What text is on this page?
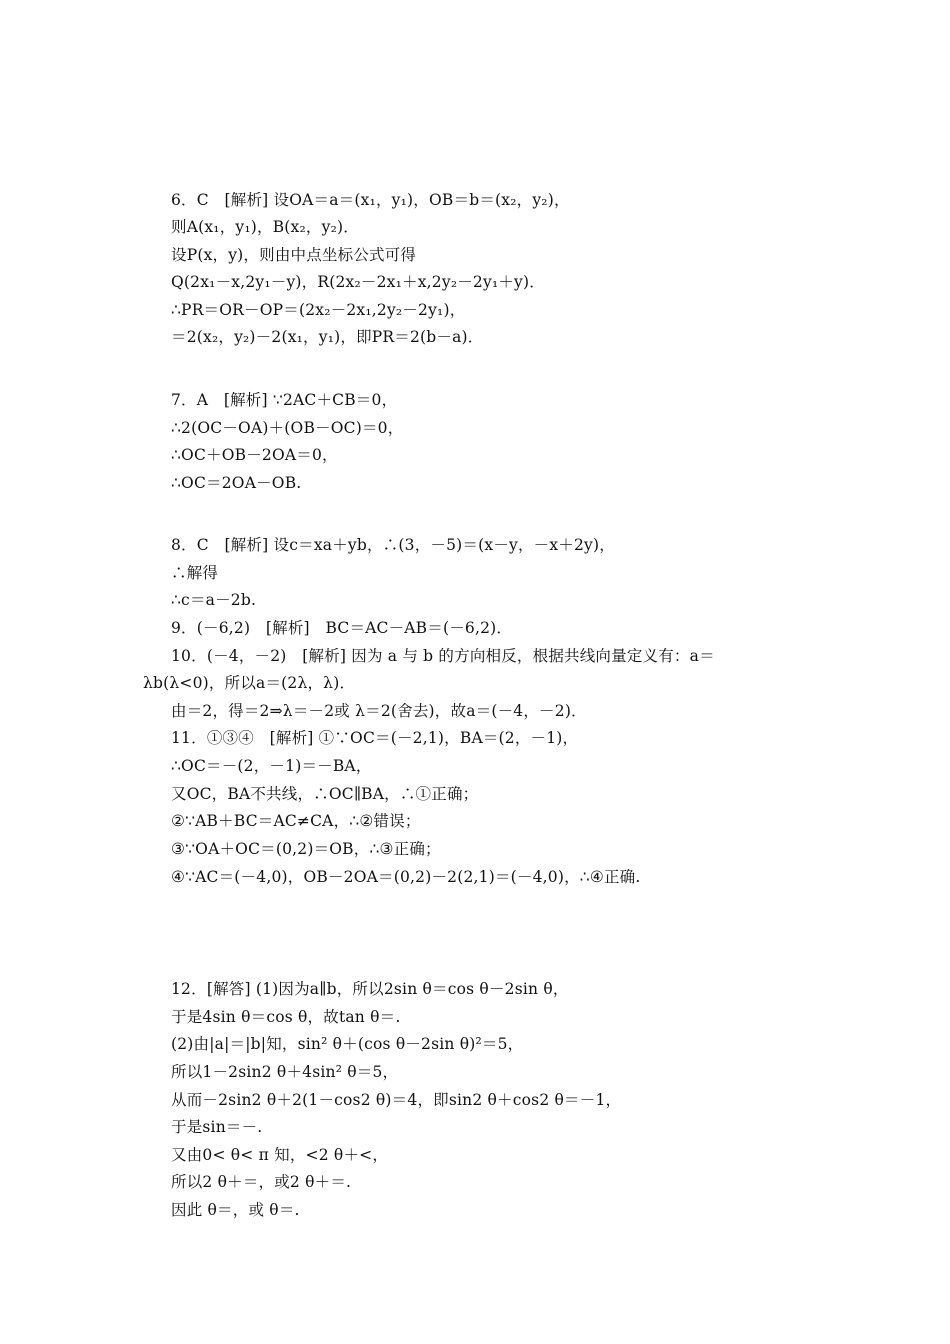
6．C　[解析] 设OA＝a＝(x₁，y₁)，OB＝b＝(x₂，y₂)，
则A(x₁，y₁)，B(x₂，y₂)．
设P(x，y)，则由中点坐标公式可得
Q(2x₁－x,2y₁－y)，R(2x₂－2x₁＋x,2y₂－2y₁＋y)．
∴PR＝OR－OP＝(2x₂－2x₁,2y₂－2y₁)，
＝2(x₂，y₂)－2(x₁，y₁)，即PR＝2(b－a)．
7．A　[解析] ∵2AC＋CB＝0，
∴2(OC－OA)＋(OB－OC)＝0，
∴OC＋OB－2OA＝0，
∴OC＝2OA－OB.
8．C　[解析] 设c＝xa＋yb，∴(3，－5)＝(x－y，－x＋2y)，
∴解得
∴c＝a－2b.
9．(－6,2)　[解析]　BC＝AC－AB＝(－6,2)．
10．(－4，－2)　[解析] 因为 a 与 b 的方向相反，根据共线向量定义有：a＝
λb(λ<0)，所以a＝(2λ，λ)．
由＝2，得＝2⇒λ＝－2或 λ＝2(舍去)，故a＝(－4，－2)．
11．①③④　[解析] ①∵OC＝(－2,1)，BA＝(2，－1)，
∴OC＝－(2，－1)＝－BA，
又OC，BA不共线，∴OC∥BA，∴①正确；
②∵AB＋BC＝AC≠CA，∴②错误；
③∵OA＋OC＝(0,2)＝OB，∴③正确；
④∵AC＝(－4,0)，OB－2OA＝(0,2)－2(2,1)＝(－4,0)，∴④正确.
12．[解答] (1)因为a∥b，所以2sin θ＝cos θ－2sin θ，
于是4sin θ＝cos θ，故tan θ＝.
(2)由|a|＝|b|知，sin² θ＋(cos θ－2sin θ)²＝5，
所以1－2sin2 θ＋4sin² θ＝5，
从而－2sin2 θ＋2(1－cos2 θ)＝4，即sin2 θ＋cos2 θ＝－1，
于是sin＝－.
又由0< θ< π 知，<2 θ＋<，
所以2 θ＋＝，或2 θ＋＝.
因此 θ＝，或 θ＝.
